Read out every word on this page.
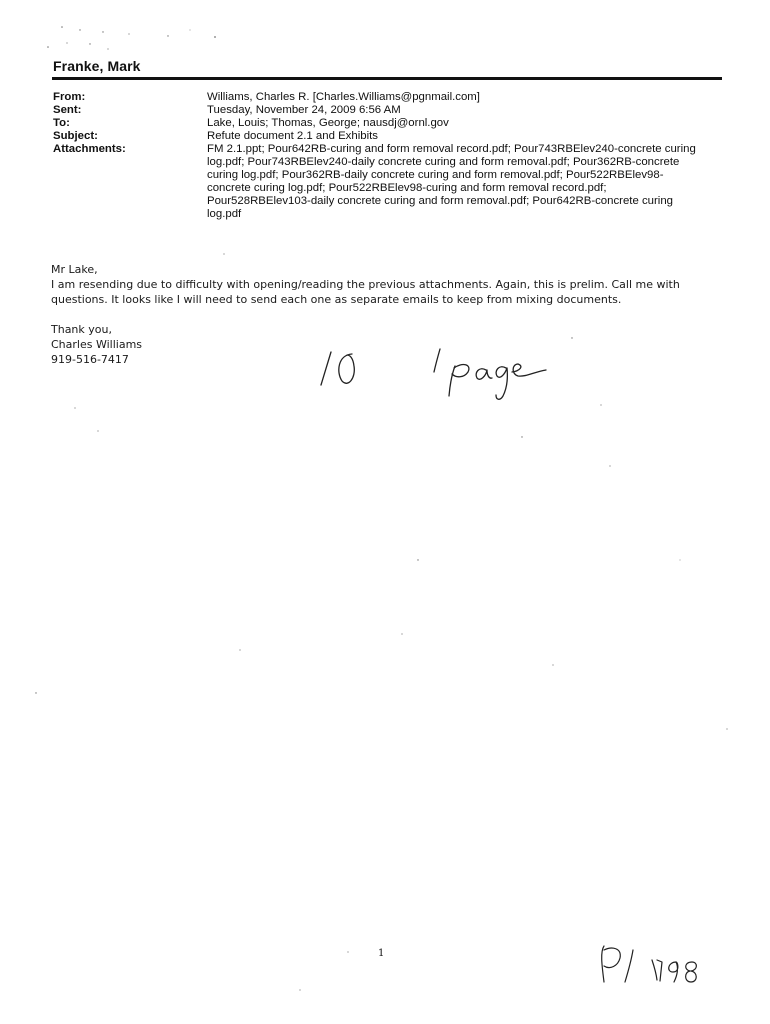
Franke, Mark
From:	Williams, Charles R. [Charles.Williams@pgnmail.com]
Sent:	Tuesday, November 24, 2009 6:56 AM
To:	Lake, Louis; Thomas, George; nausdj@ornl.gov
Subject:	Refute document 2.1 and Exhibits
Attachments:	FM 2.1.ppt; Pour642RB-curing and form removal record.pdf; Pour743RBElev240-concrete curing log.pdf; Pour743RBElev240-daily concrete curing and form removal.pdf; Pour362RB-concrete curing log.pdf; Pour362RB-daily concrete curing and form removal.pdf; Pour522RBElev98-concrete curing log.pdf; Pour522RBElev98-curing and form removal record.pdf; Pour528RBElev103-daily concrete curing and form removal.pdf; Pour642RB-concrete curing log.pdf

Mr Lake,

I am resending due to difficulty with opening/reading the previous attachments. Again, this is prelim. Call me with questions. It looks like I will need to send each one as separate emails to keep from mixing documents.

Thank you,

Charles Williams

919-516-7417

1
